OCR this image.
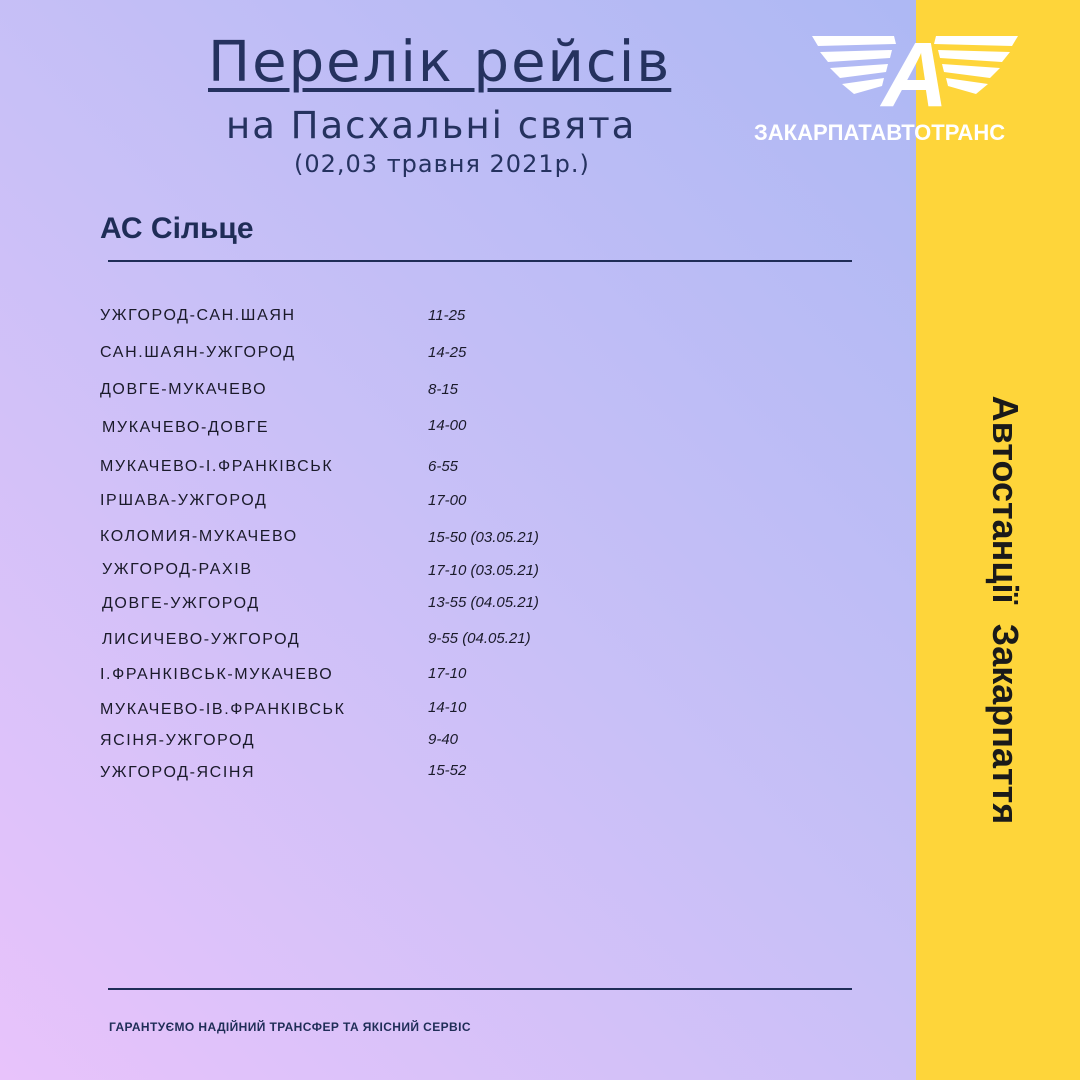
Перелік рейсів
на Пасхальні свята

(02,03 травня 2021р.)

АС Сільце
УЖГОРОД-САН.ШАЯН	11-25
САН.ШАЯН-УЖГОРОД	14-25
ДОВГЕ-МУКАЧЕВО	8-15
МУКАЧЕВО-ДОВГЕ	14-00
МУКАЧЕВО-І.ФРАНКІВСЬК	6-55
ІРШАВА-УЖГОРОД	17-00
КОЛОМИЯ-МУКАЧЕВО	15-50 (03.05.21)
УЖГОРОД-РАХІВ	17-10 (03.05.21)
ДОВГЕ-УЖГОРОД	13-55 (04.05.21)
ЛИСИЧЕВО-УЖГОРОД	9-55 (04.05.21)
І.ФРАНКІВСЬК-МУКАЧЕВО	17-10
МУКАЧЕВО-ІВ.ФРАНКІВСЬК	14-10
ЯСІНЯ-УЖГОРОД	9-40
УЖГОРОД-ЯСІНЯ	15-52
ГАРАНТУЄМО НАДІЙНИЙ ТРАНСФЕР ТА ЯКІСНИЙ СЕРВІС
Автостанції  Закарпаття
А
ЗАКАРПАТАВТОТРАНС
